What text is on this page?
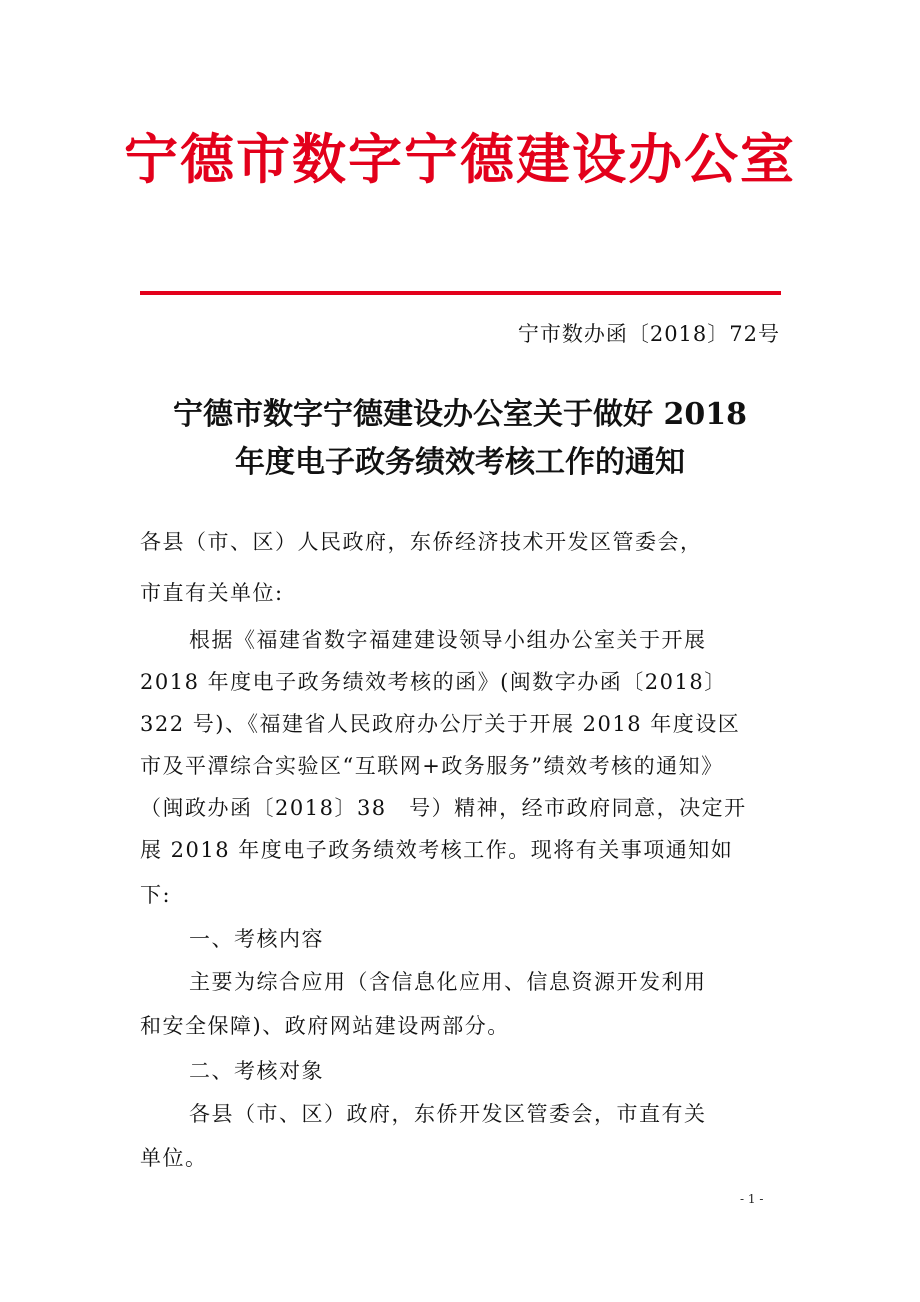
宁德市数字宁德建设办公室
宁市数办函〔2018〕72号
宁德市数字宁德建设办公室关于做好 2018
年度电子政务绩效考核工作的通知
各县（市、区）人民政府，东侨经济技术开发区管委会，
市直有关单位:
根据《福建省数字福建建设领导小组办公室关于开展
2018 年度电子政务绩效考核的函》(闽数字办函〔2018〕
322 号)、《福建省人民政府办公厅关于开展 2018 年度设区
市及平潭综合实验区“互联网+政务服务”绩效考核的通知》
（闽政办函〔2018〕38　号）精神，经市政府同意，决定开
展 2018 年度电子政务绩效考核工作。现将有关事项通知如
下:
一、考核内容
主要为综合应用（含信息化应用、信息资源开发利用
和安全保障)、政府网站建设两部分。
二、考核对象
各县（市、区）政府，东侨开发区管委会，市直有关
单位。
- 1 -
